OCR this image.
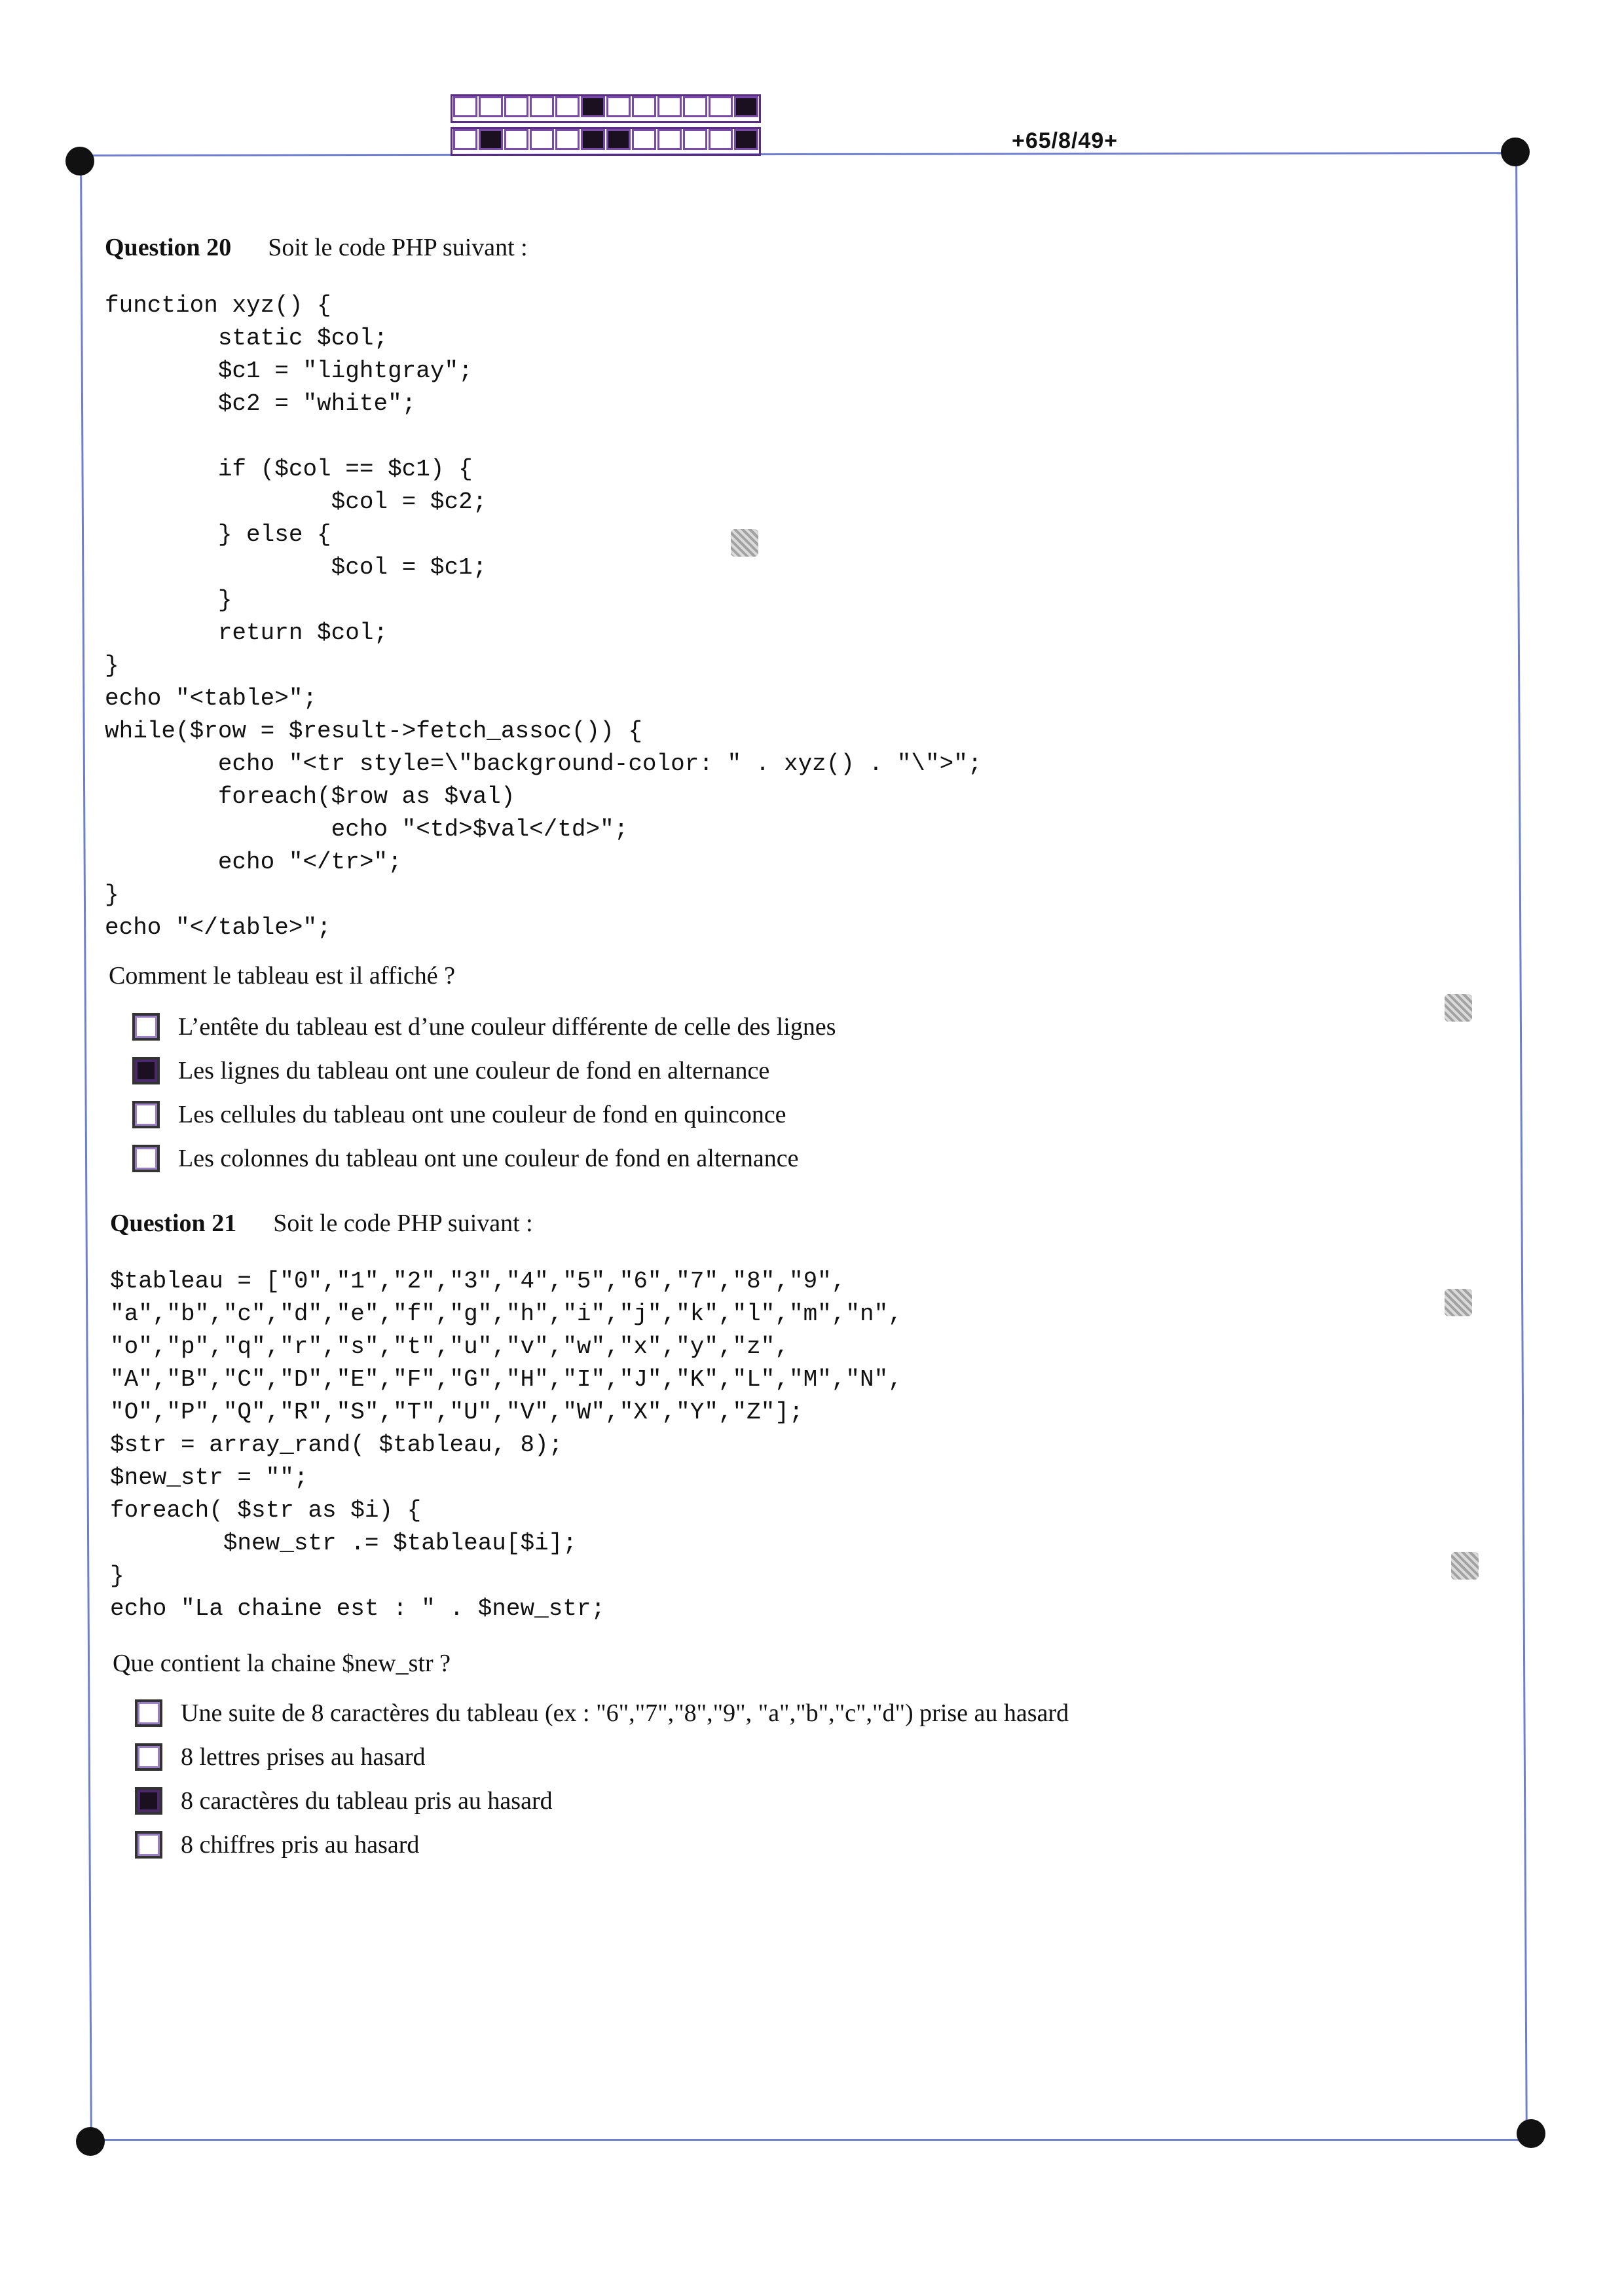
+65/8/49+
Question 20 Soit le code PHP suivant :
function xyz() {
static $col;
$c1 = "lightgray";
$c2 = "white";

if ($col == $c1) {
$col = $c2;
} else {
$col = $c1;
}
return $col;
}
echo "<table>";
while($row = $result->fetch_assoc()) {
echo "<tr style=\"background-color: " . xyz() . "\">";
foreach($row as $val)
echo "<td>$val</td>";
echo "</tr>";
}
echo "</table>";
Comment le tableau est il affiché ?
L’entête du tableau est d’une couleur différente de celle des lignes
Les lignes du tableau ont une couleur de fond en alternance
Les cellules du tableau ont une couleur de fond en quinconce
Les colonnes du tableau ont une couleur de fond en alternance
Question 21 Soit le code PHP suivant :
$tableau = ["0","1","2","3","4","5","6","7","8","9",
"a","b","c","d","e","f","g","h","i","j","k","l","m","n",
"o","p","q","r","s","t","u","v","w","x","y","z",
"A","B","C","D","E","F","G","H","I","J","K","L","M","N",
"O","P","Q","R","S","T","U","V","W","X","Y","Z"];
$str = array_rand( $tableau, 8);
$new_str = "";
foreach( $str as $i) {
$new_str .= $tableau[$i];
}
echo "La chaine est : " . $new_str;
Que contient la chaine $new_str ?
Une suite de 8 caractères du tableau (ex : "6","7","8","9", "a","b","c","d") prise au hasard
8 lettres prises au hasard
8 caractères du tableau pris au hasard
8 chiffres pris au hasard
